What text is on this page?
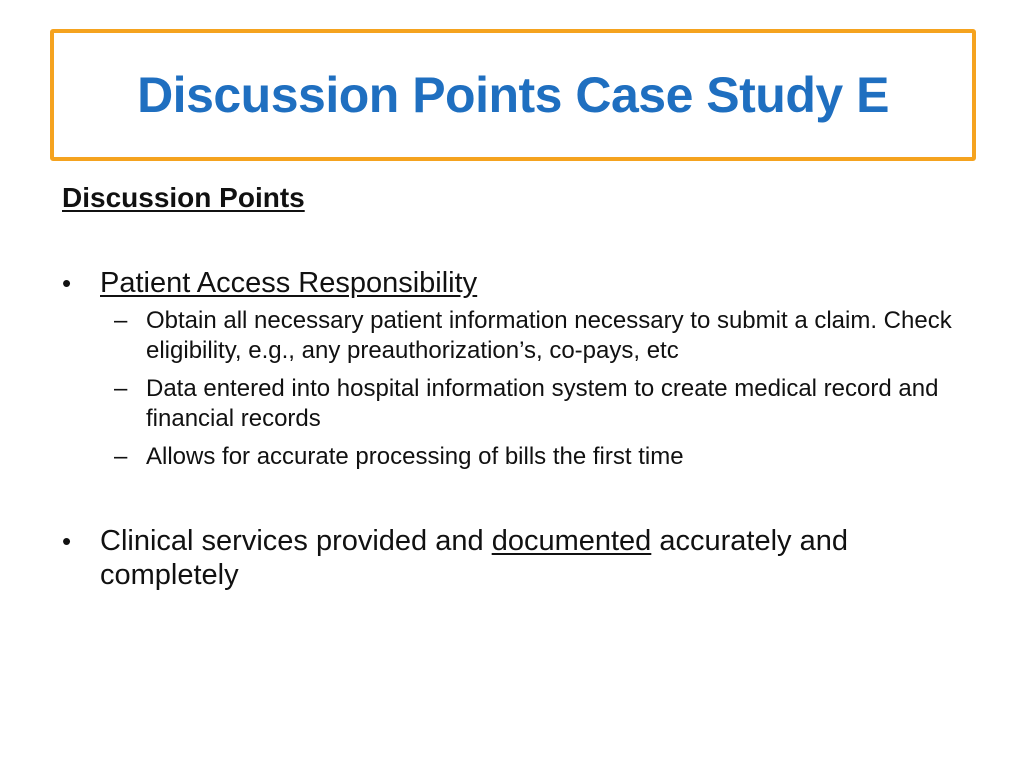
Discussion Points Case Study E

Discussion Points

• Patient Access Responsibility
– Obtain all necessary patient information necessary to submit a claim. Check eligibility, e.g., any preauthorization’s, co-pays, etc
– Data entered into hospital information system to create medical record and financial records
– Allows for accurate processing of bills the first time
• Clinical services provided and documented accurately and completely
